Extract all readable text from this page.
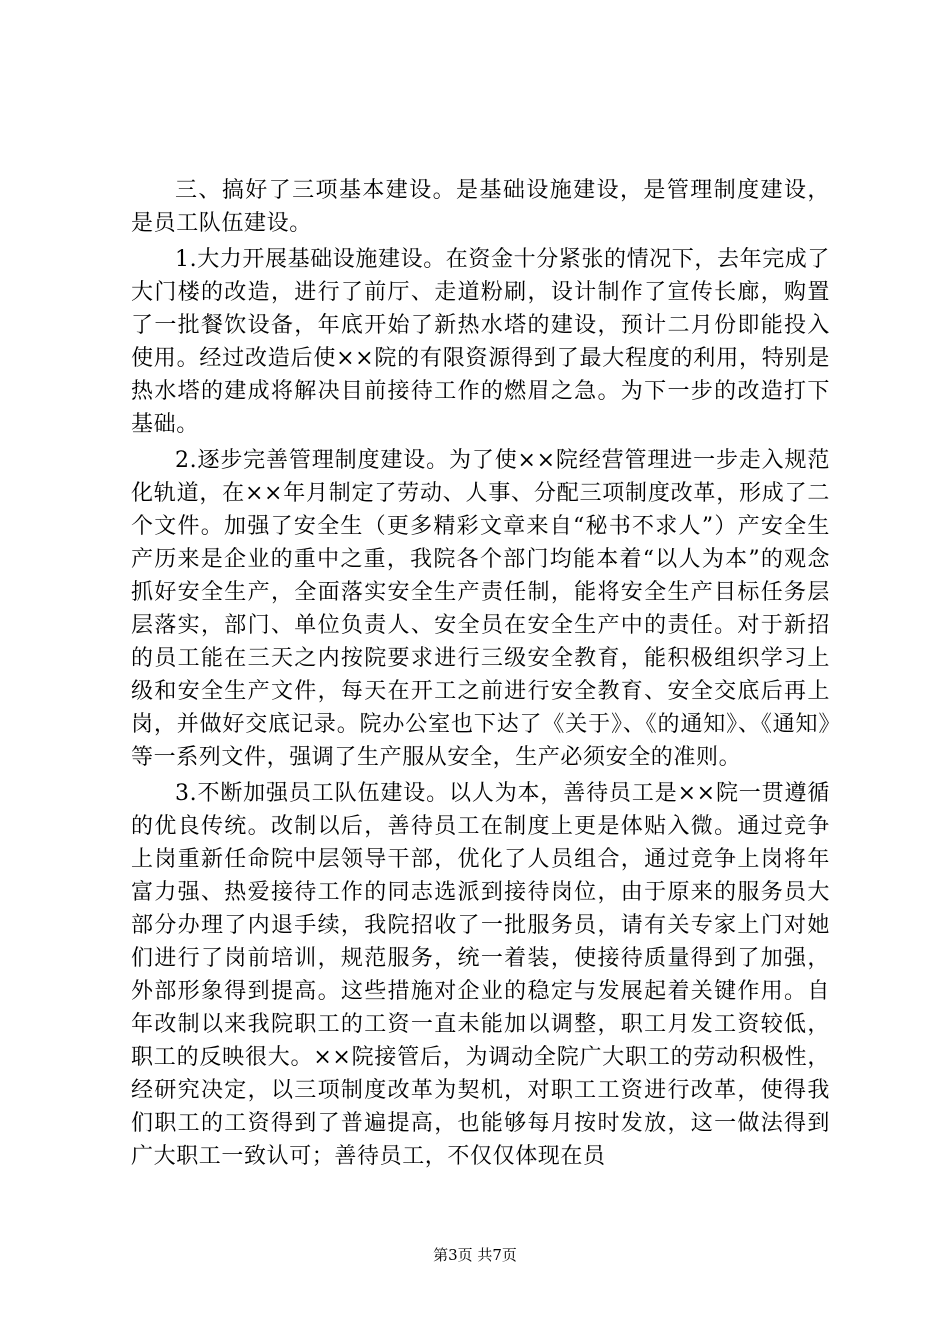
三、搞好了三项基本建设。是基础设施建设，是管理制度建设，是员工队伍建设。

1.大力开展基础设施建设。在资金十分紧张的情况下，去年完成了大门楼的改造，进行了前厅、走道粉刷，设计制作了宣传长廊，购置了一批餐饮设备，年底开始了新热水塔的建设，预计二月份即能投入使用。经过改造后使××院的有限资源得到了最大程度的利用，特别是热水塔的建成将解决目前接待工作的燃眉之急。为下一步的改造打下基础。

2.逐步完善管理制度建设。为了使××院经营管理进一步走入规范化轨道，在××年月制定了劳动、人事、分配三项制度改革，形成了二个文件。加强了安全生（更多精彩文章来自“秘书不求人”）产安全生产历来是企业的重中之重，我院各个部门均能本着“以人为本”的观念抓好安全生产，全面落实安全生产责任制，能将安全生产目标任务层层落实，部门、单位负责人、安全员在安全生产中的责任。对于新招的员工能在三天之内按院要求进行三级安全教育，能积极组织学习上级和安全生产文件，每天在开工之前进行安全教育、安全交底后再上岗，并做好交底记录。院办公室也下达了《关于》、《的通知》、《通知》等一系列文件，强调了生产服从安全，生产必须安全的准则。

3.不断加强员工队伍建设。以人为本，善待员工是××院一贯遵循的优良传统。改制以后，善待员工在制度上更是体贴入微。通过竞争上岗重新任命院中层领导干部，优化了人员组合，通过竞争上岗将年富力强、热爱接待工作的同志选派到接待岗位，由于原来的服务员大部分办理了内退手续，我院招收了一批服务员，请有关专家上门对她们进行了岗前培训，规范服务，统一着装，使接待质量得到了加强，外部形象得到提高。这些措施对企业的稳定与发展起着关键作用。自年改制以来我院职工的工资一直未能加以调整，职工月发工资较低，职工的反映很大。××院接管后，为调动全院广大职工的劳动积极性，经研究决定，以三项制度改革为契机，对职工工资进行改革，使得我们职工的工资得到了普遍提高，也能够每月按时发放，这一做法得到广大职工一致认可；善待员工，不仅仅体现在员

第3页 共7页
